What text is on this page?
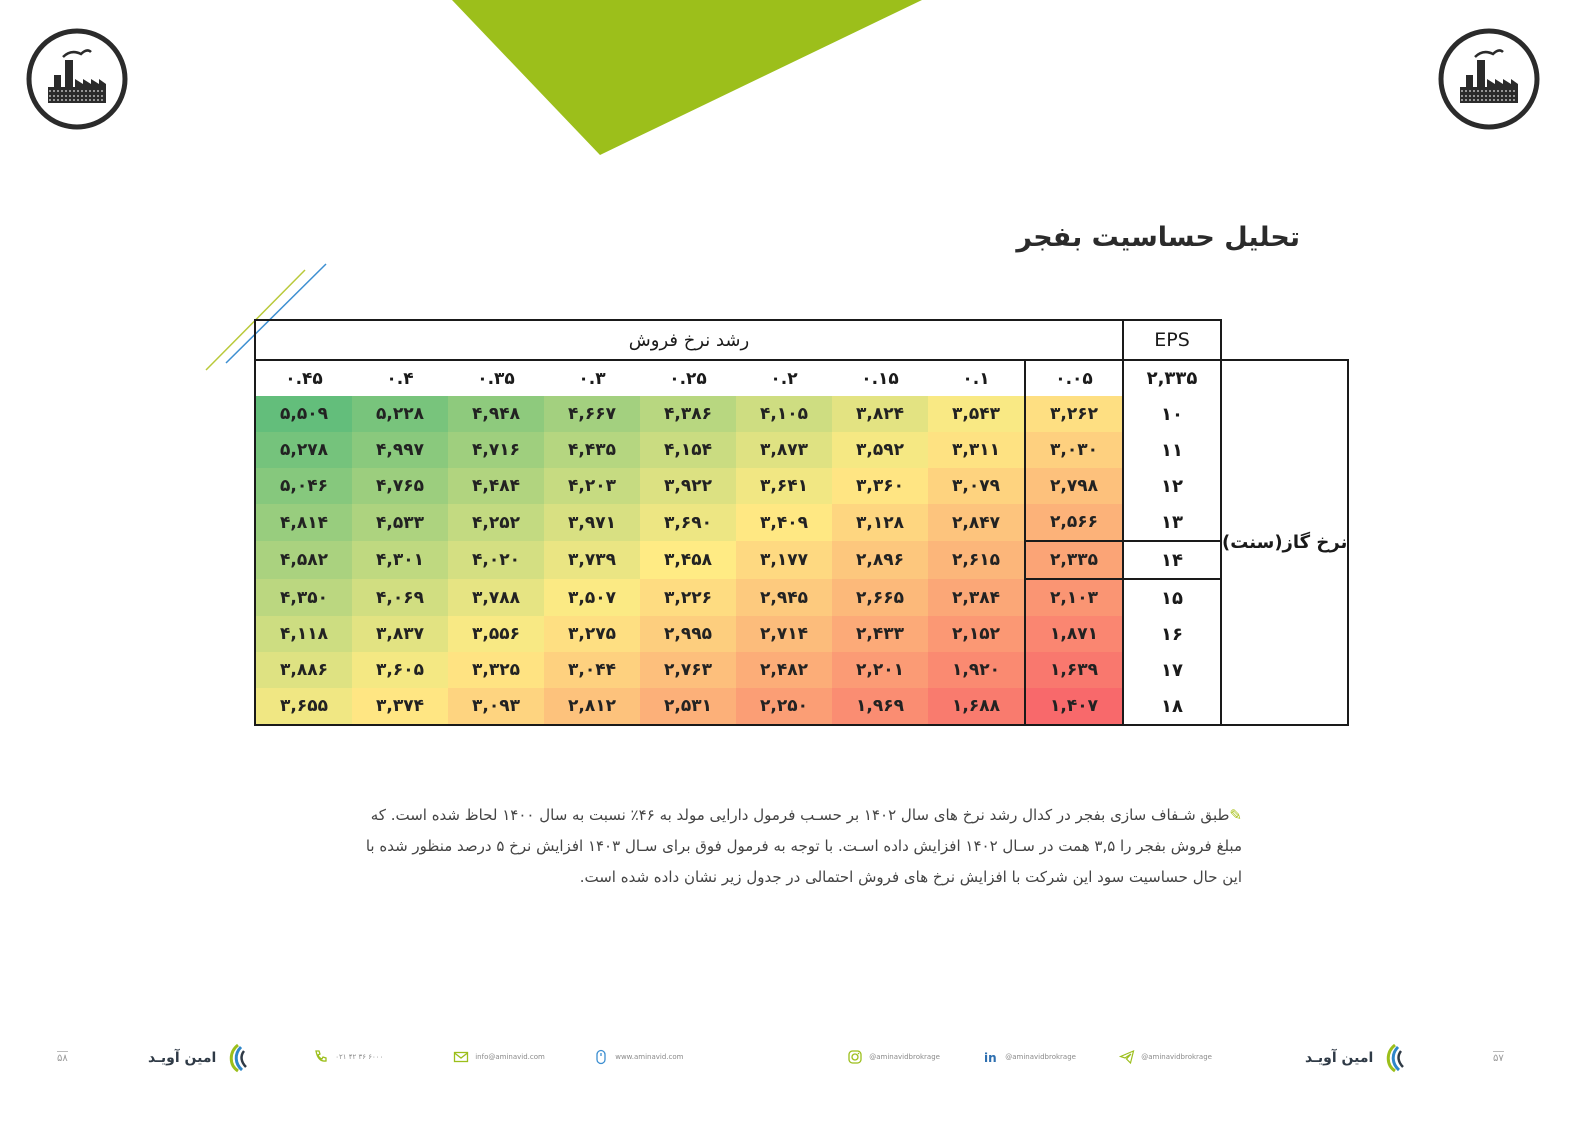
تحلیل حساسیت بفجر
	EPS	رشد نرخ فروش								
نرخ گاز(سنت)	۲,۳۳۵	۰.۰۵	۰.۱	۰.۱۵	۰.۲	۰.۲۵	۰.۳	۰.۳۵	۰.۴	۰.۴۵
	۱۰	۳,۲۶۲	۳,۵۴۳	۳,۸۲۴	۴,۱۰۵	۴,۳۸۶	۴,۶۶۷	۴,۹۴۸	۵,۲۲۸	۵,۵۰۹
	۱۱	۳,۰۳۰	۳,۳۱۱	۳,۵۹۲	۳,۸۷۳	۴,۱۵۴	۴,۴۳۵	۴,۷۱۶	۴,۹۹۷	۵,۲۷۸
	۱۲	۲,۷۹۸	۳,۰۷۹	۳,۳۶۰	۳,۶۴۱	۳,۹۲۲	۴,۲۰۳	۴,۴۸۴	۴,۷۶۵	۵,۰۴۶
	۱۳	۲,۵۶۶	۲,۸۴۷	۳,۱۲۸	۳,۴۰۹	۳,۶۹۰	۳,۹۷۱	۴,۲۵۲	۴,۵۳۳	۴,۸۱۴
	۱۴	۲,۳۳۵	۲,۶۱۵	۲,۸۹۶	۳,۱۷۷	۳,۴۵۸	۳,۷۳۹	۴,۰۲۰	۴,۳۰۱	۴,۵۸۲
	۱۵	۲,۱۰۳	۲,۳۸۴	۲,۶۶۵	۲,۹۴۵	۳,۲۲۶	۳,۵۰۷	۳,۷۸۸	۴,۰۶۹	۴,۳۵۰
	۱۶	۱,۸۷۱	۲,۱۵۲	۲,۴۳۳	۲,۷۱۴	۲,۹۹۵	۳,۲۷۵	۳,۵۵۶	۳,۸۳۷	۴,۱۱۸
	۱۷	۱,۶۳۹	۱,۹۲۰	۲,۲۰۱	۲,۴۸۲	۲,۷۶۳	۳,۰۴۴	۳,۳۲۵	۳,۶۰۵	۳,۸۸۶
	۱۸	۱,۴۰۷	۱,۶۸۸	۱,۹۶۹	۲,۲۵۰	۲,۵۳۱	۲,۸۱۲	۳,۰۹۳	۳,۳۷۴	۳,۶۵۵
✎طبق شـفاف سازی بفجر در کدال رشد نرخ های سال ۱۴۰۲ بر حسـب فرمول دارایی مولد به ۴۶٪ نسبت به سال ۱۴۰۰ لحاظ شده است. که
مبلغ فروش بفجر را ۳,۵ همت در سـال ۱۴۰۲ افزایش داده اسـت. با توجه به فرمول فوق برای سـال ۱۴۰۳ افزایش نرخ ۵ درصد منظور شده با
این حال حساسیت سود این شرکت با افزایش نرخ های فروش احتمالی در جدول زیر نشان داده شده است.
۵۸	امین آویـد	۰۲۱ ۴۲ ۳۶ ۶۰۰۰	info@aminavid.com	www.aminavid.com	@aminavidbrokrage	in @aminavidbrokrage	@aminavidbrokrage	امین آویـد	۵۷
